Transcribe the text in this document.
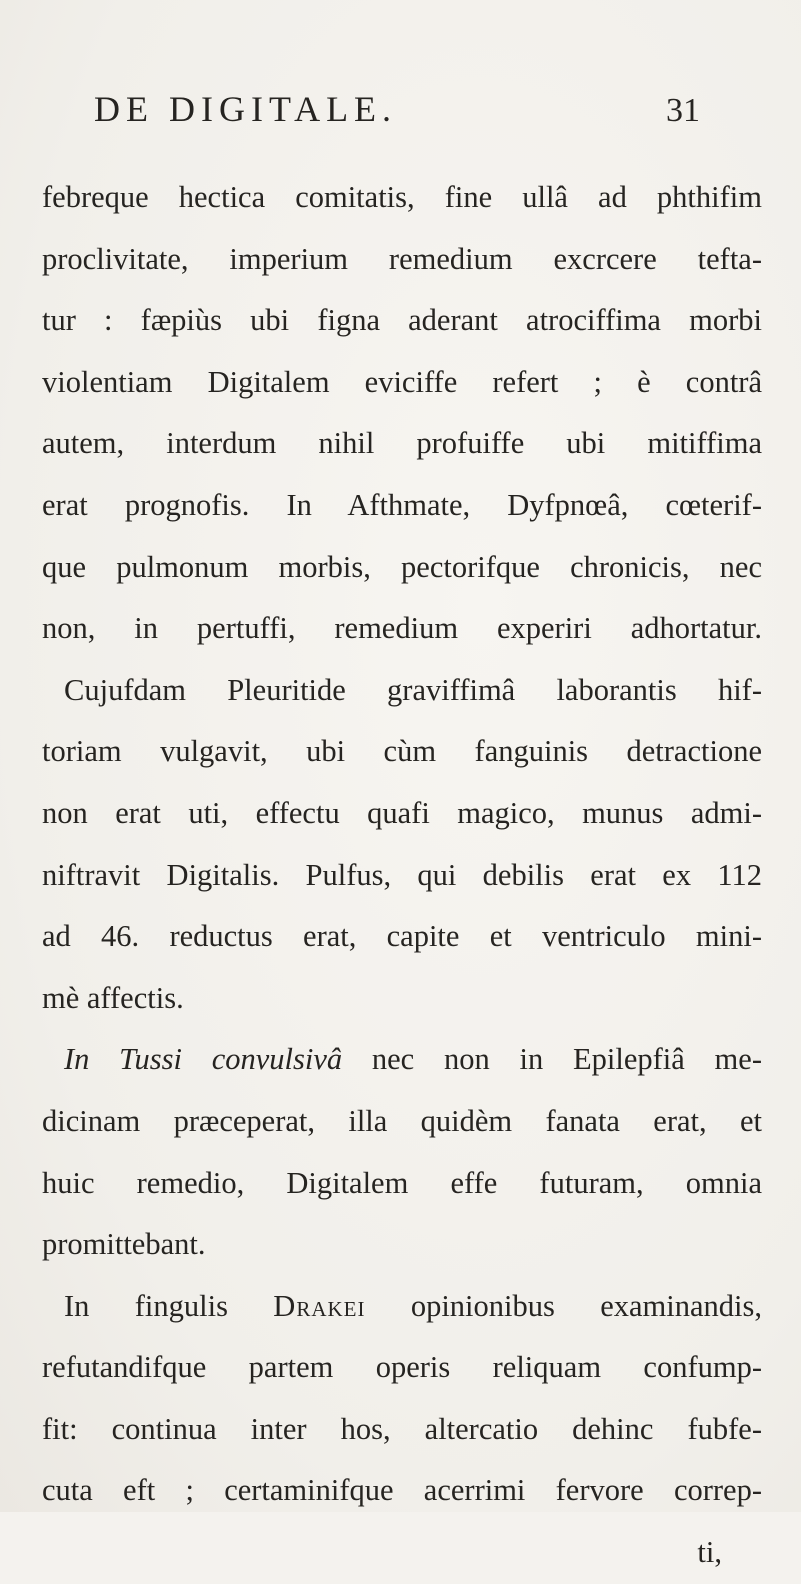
DE DIGITALE.	31
febreque hectica comitatis, fine ullâ ad phthifim
proclivitate, imperium remedium excrcere tefta-
tur : fæpiùs ubi figna aderant atrociffima morbi
violentiam Digitalem eviciffe refert ; è contrâ
autem, interdum nihil profuiffe ubi mitiffima
erat prognofis. In Afthmate, Dyfpnœâ, cœterif-
que pulmonum morbis, pectorifque chronicis, nec
non, in pertuffi, remedium experiri adhortatur.
Cujufdam Pleuritide graviffimâ laborantis hif-
toriam vulgavit, ubi cùm fanguinis detractione
non erat uti, effectu quafi magico, munus admi-
niftravit Digitalis. Pulfus, qui debilis erat ex 112
ad 46. reductus erat, capite et ventriculo mini-
mè affectis.
In Tussi convulsivâ nec non in Epilepfiâ me-
dicinam præceperat, illa quidèm fanata erat, et
huic remedio, Digitalem effe futuram, omnia
promittebant.
In fingulis Drakei opinionibus examinandis,
refutandifque partem operis reliquam confump-
fit: continua inter hos, altercatio dehinc fubfe-
cuta eft ; certaminifque acerrimi fervore correp-
ti,
